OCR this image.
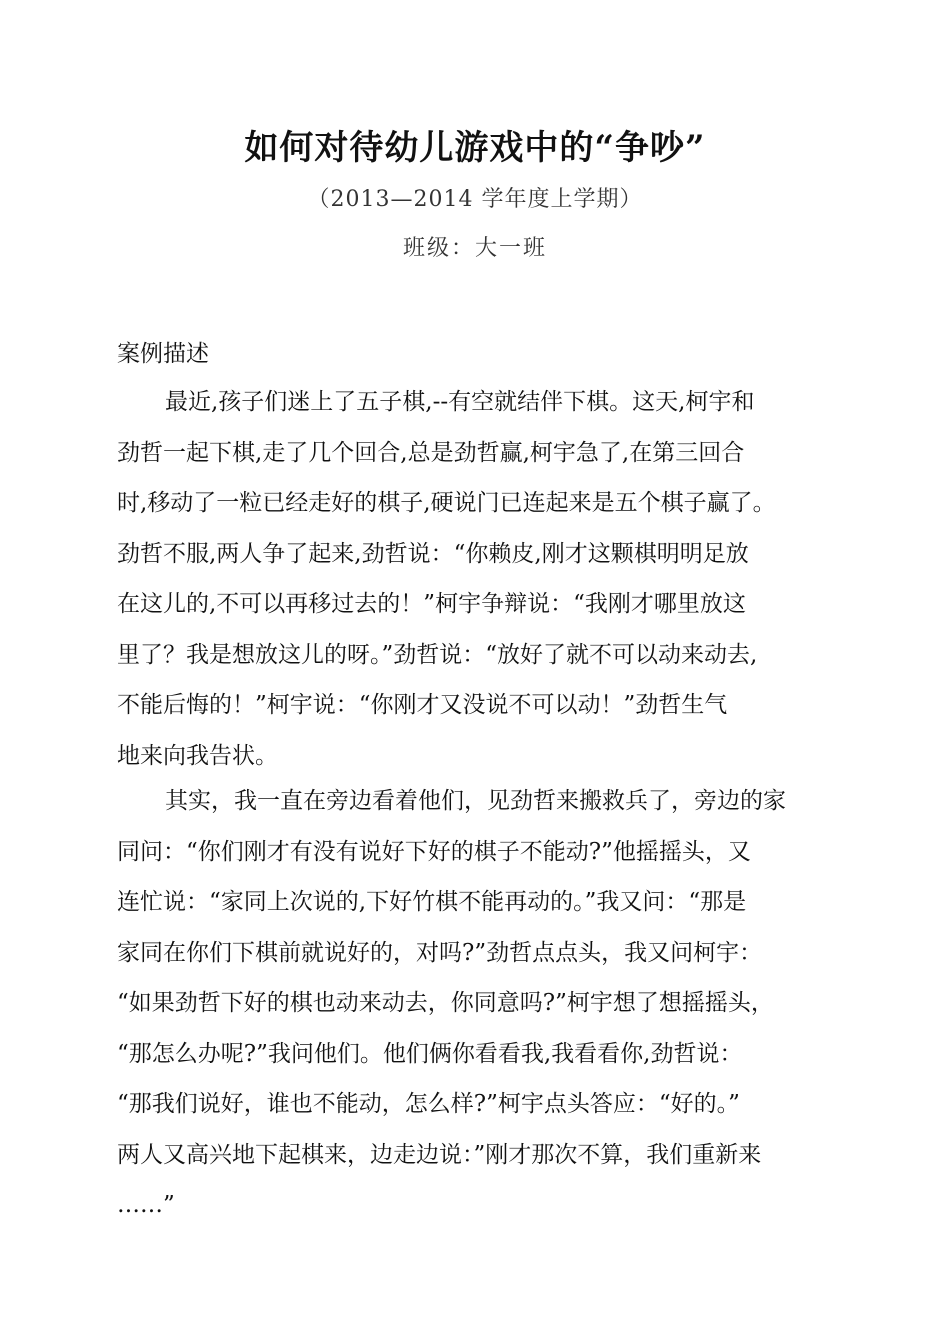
如何对待幼儿游戏中的“争吵”
（2013—2014 学年度上学期）
班级：大一班
案例描述
最近,孩子们迷上了五子棋,--有空就结伴下棋。这天,柯宇和
劲哲一起下棋,走了几个回合,总是劲哲赢,柯宇急了,在第三回合
时,移动了一粒已经走好的棋子,硬说门已连起来是五个棋子赢了。
劲哲不服,两人争了起来,劲哲说：“你赖皮,刚才这颗棋明明足放
在这儿的,不可以再移过去的！”柯宇争辩说：“我刚才哪里放这
里了？我是想放这儿的呀。”劲哲说：“放好了就不可以动来动去,
不能后悔的！”柯宇说：“你刚才又没说不可以动！”劲哲生气
地来向我告状。
其实，我一直在旁边看着他们，见劲哲来搬救兵了，旁边的家
同问：“你们刚才有没有说好下好的棋子不能动?”他摇摇头，又
连忙说：“家同上次说的,下好竹棋不能再动的。”我又问：“那是
家同在你们下棋前就说好的，对吗?”劲哲点点头，我又问柯宇：
“如果劲哲下好的棋也动来动去，你同意吗?”柯宇想了想摇摇头，
“那怎么办呢?”我问他们。他们俩你看看我,我看看你,劲哲说：
“那我们说好，谁也不能动，怎么样?”柯宇点头答应：“好的。”
两人又高兴地下起棋来，边走边说：”刚才那次不算，我们重新来
……”
